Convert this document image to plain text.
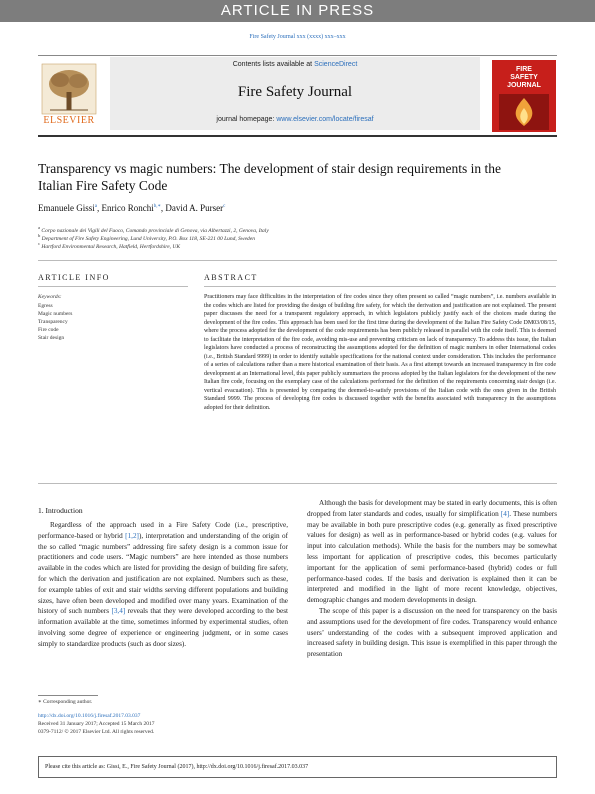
ARTICLE IN PRESS
Fire Safety Journal xxx (xxxx) xxx–xxx
Contents lists available at ScienceDirect
Fire Safety Journal
journal homepage: www.elsevier.com/locate/firesaf
ELSEVIER
FIRE
SAFETY
JOURNAL
Transparency vs magic numbers: The development of stair design requirements in the Italian Fire Safety Code
Emanuele Gissi$^a$, Enrico Ronchi$^{b,∗}$, David A. Purser$^c$
$^a$ Corpo nazionale dei Vigili del Fuoco, Comando provinciale di Genova, via Albertazzi, 2, Genova, Italy
$^b$ Department of Fire Safety Engineering, Lund University, P.O. Box 118, SE-221 00 Lund, Sweden
$^c$ Hartford Environmental Research, Hatfield, Hertfordshire, UK
ARTICLE INFO
Keywords:
Egress
Magic numbers
Transparency
Fire code
Stair design
ABSTRACT
Practitioners may face difficulties in the interpretation of fire codes since they often present so called “magic numbers”, i.e. numbers available in the codes which are listed for providing the design of building fire safety, for which the derivation and justification are not explained. The present paper discusses the need for a transparent regulatory approach, in which legislators publicly justify each of the choices made during the development of the fire codes. This approach has been used for the first time during the development of the Italian Fire Safety Code DM03/08/15, where the process adopted for the development of the code requirements has been publicly released in parallel with the code itself. This is deemed to facilitate the interpretation of the fire code, avoiding mis-use and preventing criticism on lack of transparency. To address this issue, the Italian legislators have conducted a process of reconstructing the assumptions adopted for the definition of magic numbers in other International codes (i.e., British Standard 9999) in order to identify suitable specifications for the national context under consideration. This includes the performance of a series of calculations rather than a mere historical examination of their basis. As a first attempt towards an increased transparency in fire code development at an International level, this paper publicly summarizes the process adopted by the Italian legislators for the development of the new Italian fire code, focusing on the exemplary case of the calculations performed for the definition of the requirements concerning stair design (i.e. vertical evacuation). This is presented by comparing the deemed-to-satisfy provisions of the Italian code with the ones given in the British Standard 9999. The process of developing fire codes is discussed together with the benefits associated with transparency in the assumptions adopted for their definition.
1. Introduction

Regardless of the approach used in a Fire Safety Code (i.e., prescriptive, performance-based or hybrid [1,2]), interpretation and understanding of the origin of the so called “magic numbers” addressing fire safety design is a common issue for practitioners and code users. “Magic numbers” are here intended as those numbers available in the codes which are listed for providing the design of building fire safety, for which the derivation and justification are not explained. Numbers such as these, for example tables of exit and stair widths serving different populations and building sizes, have often been developed and modified over many years. Examination of the history of such numbers [3,4] reveals that they were developed according to the best information available at the time, sometimes informed by experimental studies, often involving some degree of experience or engineering judgment, or in some cases simply to standardize products (such as door sizes).

Although the basis for development may be stated in early documents, this is often dropped from later standards and codes, usually for simplification [4]. These numbers may be available in both pure prescriptive codes (e.g. generally as fixed prescriptive values for design) as well as in performance-based or hybrid codes (e.g. values for input into calculation methods). While the basis for the numbers may be somewhat less important for application of prescriptive codes, this becomes particularly important for the application of semi performance-based (hybrid) codes or full performance-based codes. If the basis and derivation is explained then it can be interpreted and modified in the light of more recent knowledge, objectives, demographic changes and modern developments in design.

The scope of this paper is a discussion on the need for transparency on the basis and assumptions used for the development of fire codes. Transparency would enhance users’ understanding of the codes with a subsequent improved application and increased safety in building design. This issue is exemplified in this paper through the presentation

∗ Corresponding author.
http://dx.doi.org/10.1016/j.firesaf.2017.03.037
Received 31 January 2017; Accepted 15 March 2017
0379-7112/ © 2017 Elsevier Ltd. All rights reserved.
Please cite this article as: Gissi, E., Fire Safety Journal (2017), http://dx.doi.org/10.1016/j.firesaf.2017.03.037
